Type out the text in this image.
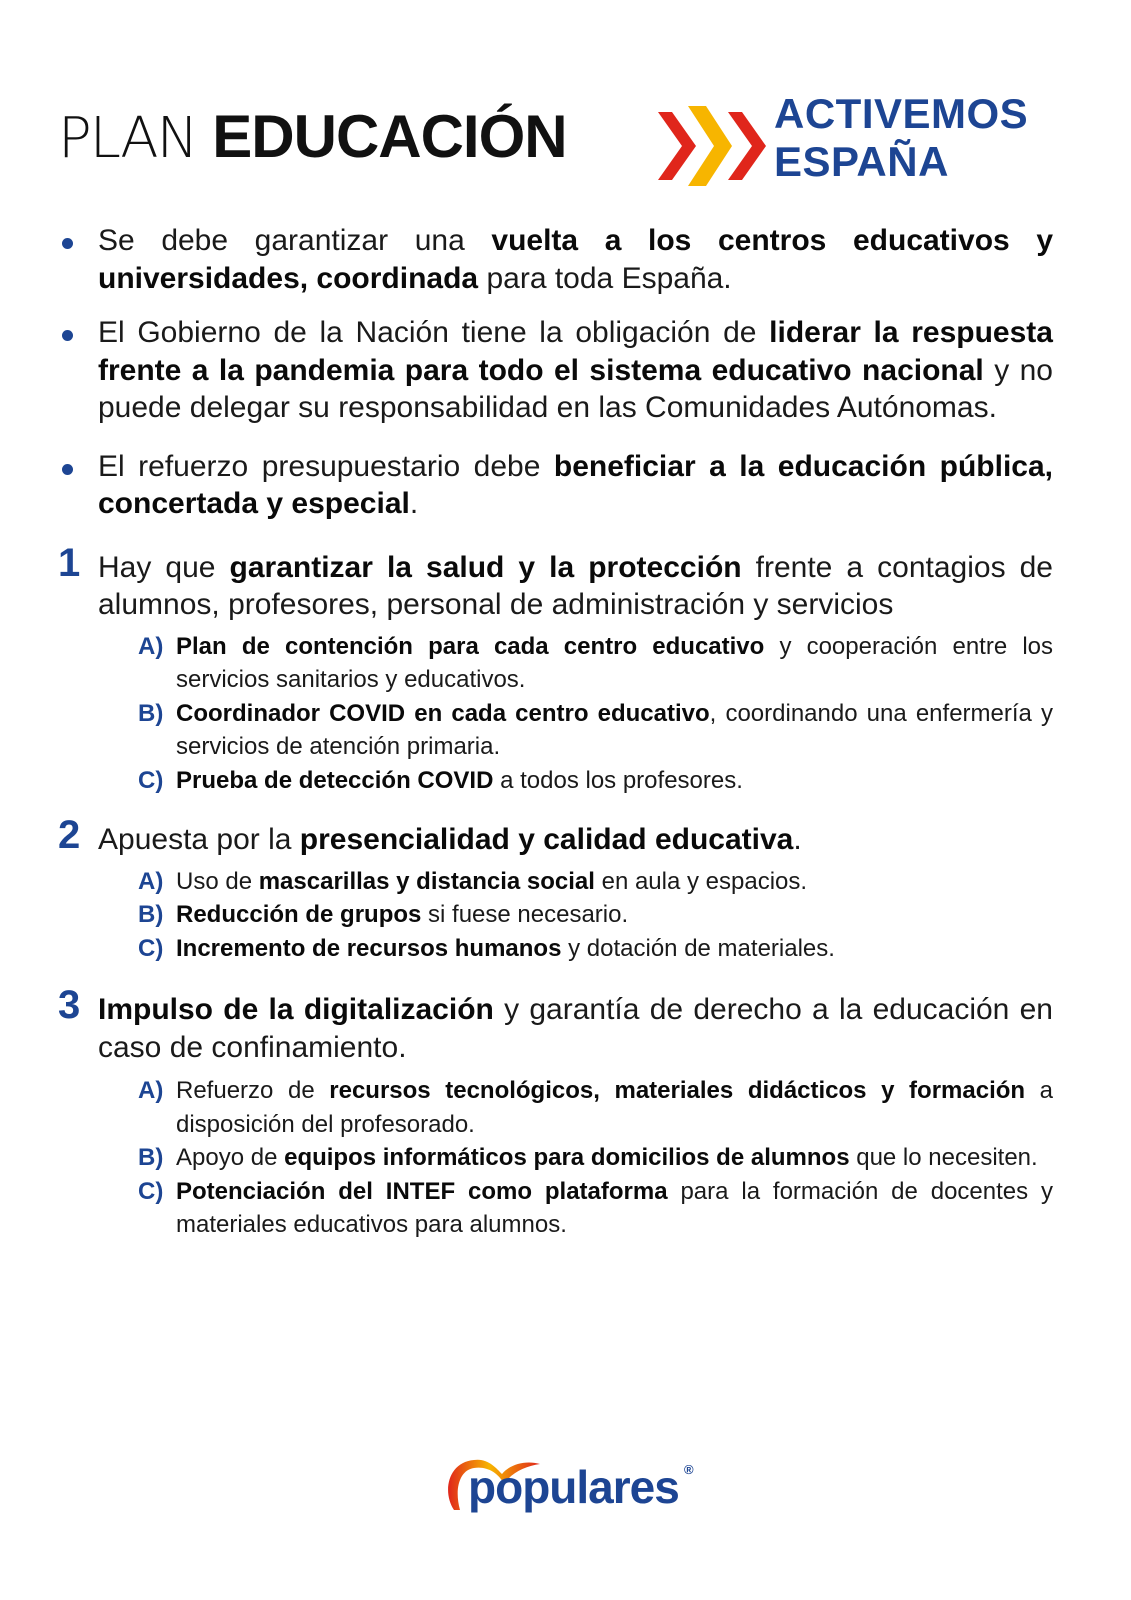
PLAN EDUCACIÓN	ACTIVEMOS
ESPAÑA
Se debe garantizar una vuelta a los centros educativos y universidades, coordinada para toda España.
El Gobierno de la Nación tiene la obligación de liderar la respuesta frente a la pandemia para todo el sistema educativo nacional y no puede delegar su responsabilidad en las Comunidades Autónomas.
El refuerzo presupuestario debe beneficiar a la educación pública, concertada y especial.
1 Hay que garantizar la salud y la protección frente a contagios de alumnos, profesores, personal de administración y servicios
A) Plan de contención para cada centro educativo y cooperación entre los servicios sanitarios y educativos.
B) Coordinador COVID en cada centro educativo, coordinando una enfermería y servicios de atención primaria.
C) Prueba de detección COVID a todos los profesores.
2 Apuesta por la presencialidad y calidad educativa.
A) Uso de mascarillas y distancia social en aula y espacios.
B) Reducción de grupos si fuese necesario.
C) Incremento de recursos humanos y dotación de materiales.
3 Impulso de la digitalización y garantía de derecho a la educación en caso de confinamiento.
A) Refuerzo de recursos tecnológicos, materiales didácticos y formación a disposición del profesorado.
B) Apoyo de equipos informáticos para domicilios de alumnos que lo necesiten.
C) Potenciación del INTEF como plataforma para la formación de docentes y materiales educativos para alumnos.
populares ®
